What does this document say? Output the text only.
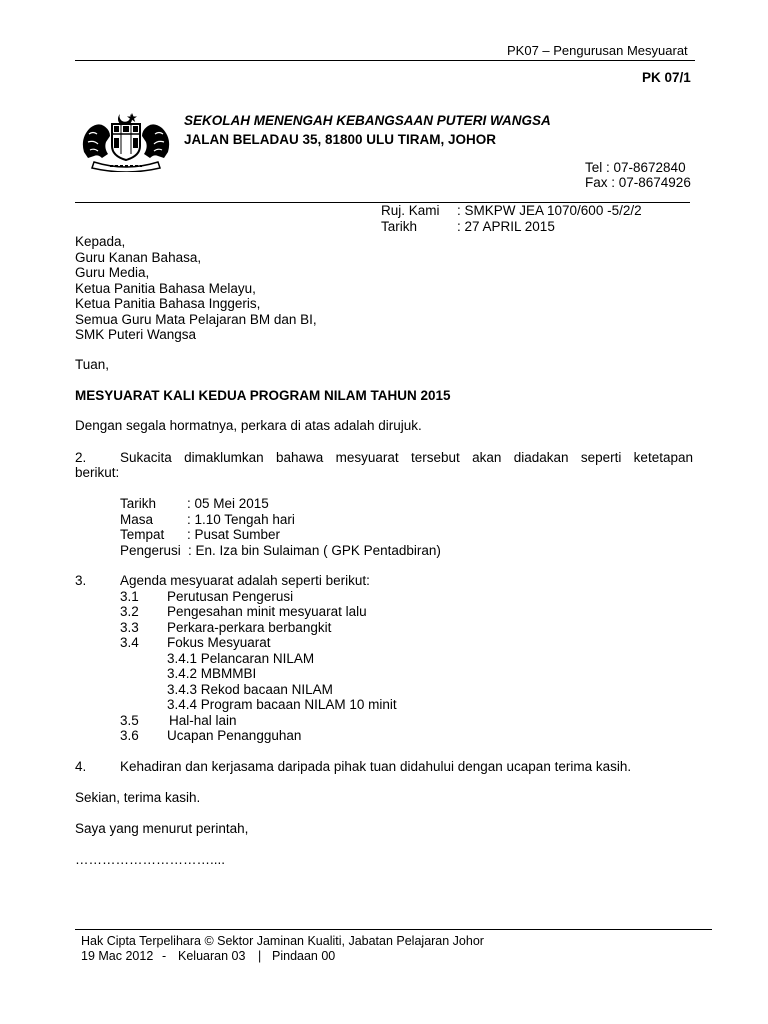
PK07 – Pengurusan Mesyuarat
PK 07/1
SEKOLAH MENENGAH KEBANGSAAN PUTERI WANGSA
JALAN BELADAU 35, 81800 ULU TIRAM, JOHOR
Tel : 07-8672840
Fax : 07-8674926
Ruj. Kami : SMKPW JEA 1070/600 -5/2/2
Tarikh	: 27 APRIL 2015
Kepada,
Guru Kanan Bahasa,
Guru Media,
Ketua Panitia Bahasa Melayu,
Ketua Panitia Bahasa Inggeris,
Semua Guru Mata Pelajaran BM dan BI,
SMK Puteri Wangsa
Tuan,
MESYUARAT KALI KEDUA PROGRAM NILAM TAHUN 2015
Dengan segala hormatnya, perkara di atas adalah dirujuk.
2. Sukacita dimaklumkan bahawa mesyuarat tersebut akan diadakan seperti ketetapan
berikut:
Tarikh : 05 Mei 2015
Masa	: 1.10 Tengah hari
Tempat : Pusat Sumber
Pengerusi : En. Iza bin Sulaiman ( GPK Pentadbiran)
3. Agenda mesyuarat adalah seperti berikut:
3.1 Perutusan Pengerusi
3.2 Pengesahan minit mesyuarat lalu
3.3 Perkara-perkara berbangkit
3.4 Fokus Mesyuarat
3.4.1 Pelancaran NILAM
3.4.2 MBMMBI
3.4.3 Rekod bacaan NILAM
3.4.4 Program bacaan NILAM 10 minit
3.5 Hal-hal lain
3.6 Ucapan Penangguhan
4. Kehadiran dan kerjasama daripada pihak tuan didahului dengan ucapan terima kasih.
Sekian, terima kasih.
Saya yang menurut perintah,
…………………………....
Hak Cipta Terpelihara © Sektor Jaminan Kualiti, Jabatan Pelajaran Johor
19 Mac 2012 - Keluaran 03 | Pindaan 00
